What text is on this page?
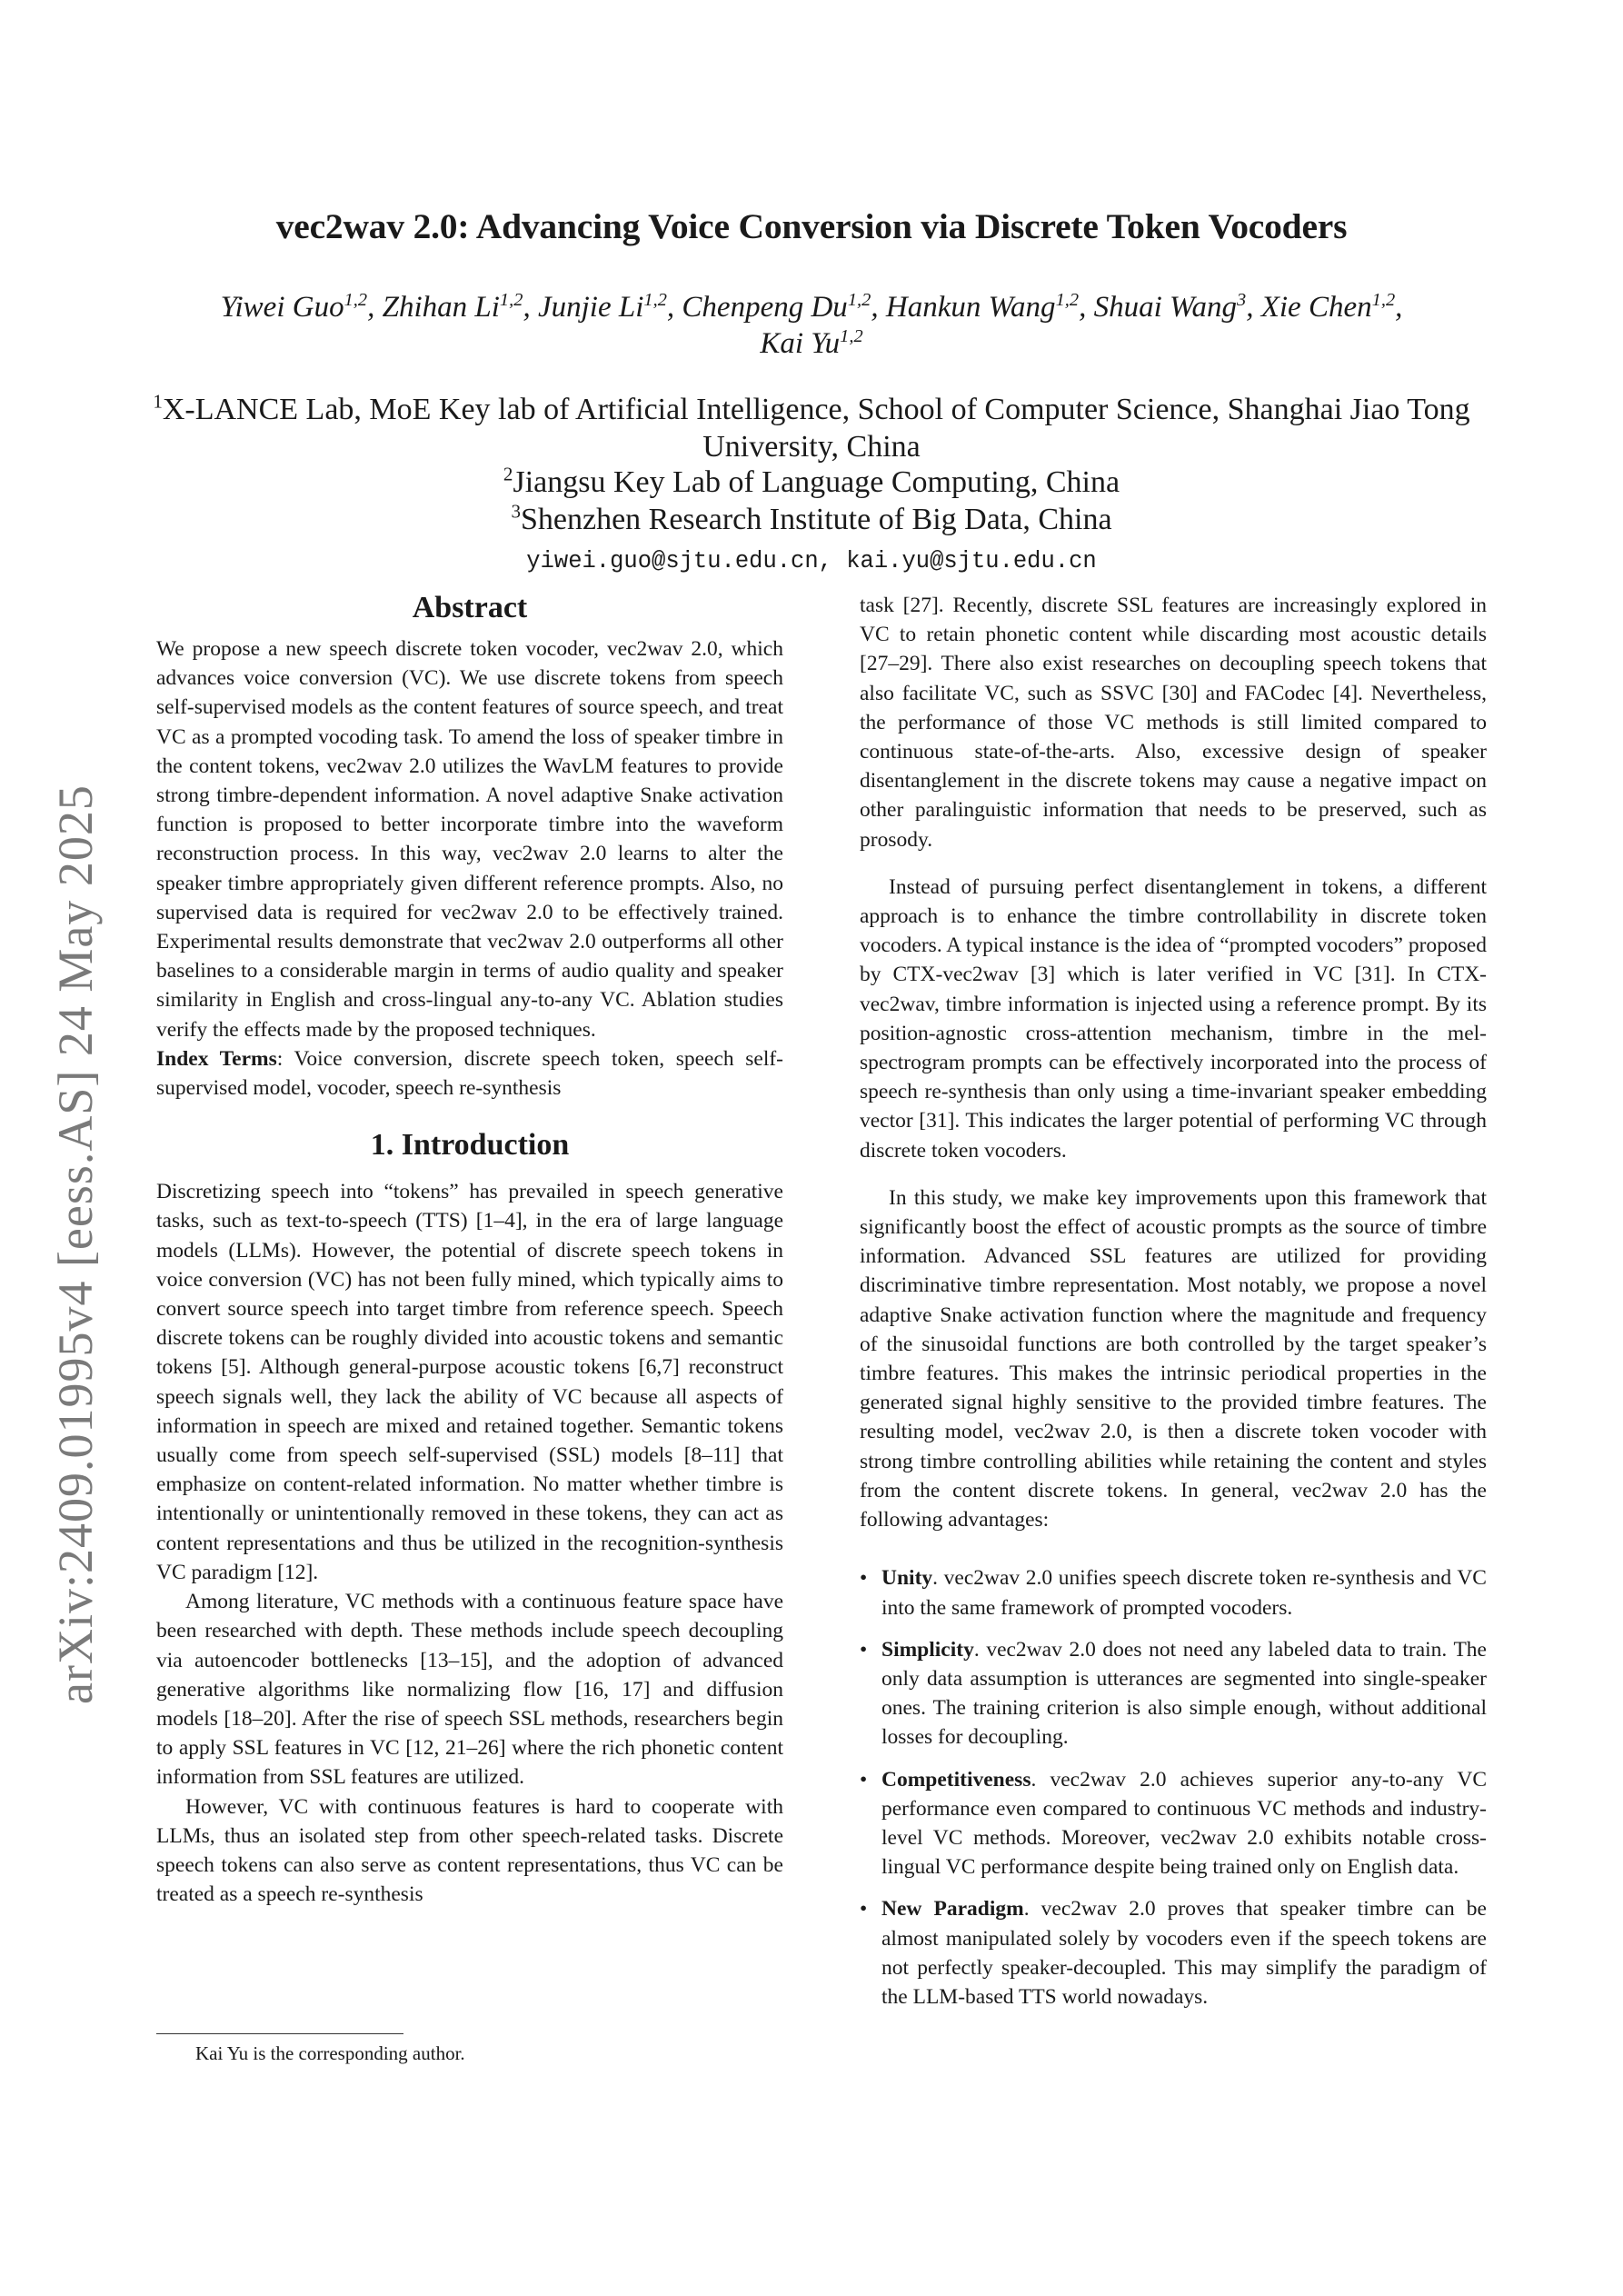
arXiv:2409.01995v4 [eess.AS] 24 May 2025
vec2wav 2.0: Advancing Voice Conversion via Discrete Token Vocoders
Yiwei Guo$^{1,2}$, Zhihan Li$^{1,2}$, Junjie Li$^{1,2}$, Chenpeng Du$^{1,2}$, Hankun Wang$^{1,2}$, Shuai Wang$^3$, Xie Chen$^{1,2}$, Kai Yu$^{1,2}$
$^1$X-LANCE Lab, MoE Key lab of Artificial Intelligence, School of Computer Science, Shanghai Jiao Tong University, China
$^2$Jiangsu Key Lab of Language Computing, China
$^3$Shenzhen Research Institute of Big Data, China
yiwei.guo@sjtu.edu.cn, kai.yu@sjtu.edu.cn
Abstract

We propose a new speech discrete token vocoder, vec2wav 2.0, which advances voice conversion (VC). We use discrete tokens from speech self-supervised models as the content features of source speech, and treat VC as a prompted vocoding task. To amend the loss of speaker timbre in the content tokens, vec2wav 2.0 utilizes the WavLM features to provide strong timbre-dependent information. A novel adaptive Snake activation function is proposed to better incorporate timbre into the waveform reconstruction process. In this way, vec2wav 2.0 learns to alter the speaker timbre appropriately given different reference prompts. Also, no supervised data is required for vec2wav 2.0 to be effectively trained. Experimental results demonstrate that vec2wav 2.0 outperforms all other baselines to a considerable margin in terms of audio quality and speaker similarity in English and cross-lingual any-to-any VC. Ablation studies verify the effects made by the proposed techniques.

Index Terms: Voice conversion, discrete speech token, speech self-supervised model, vocoder, speech re-synthesis

1. Introduction

Discretizing speech into “tokens” has prevailed in speech generative tasks, such as text-to-speech (TTS) [1–4], in the era of large language models (LLMs). However, the potential of discrete speech tokens in voice conversion (VC) has not been fully mined, which typically aims to convert source speech into target timbre from reference speech. Speech discrete tokens can be roughly divided into acoustic tokens and semantic tokens [5]. Although general-purpose acoustic tokens [6,7] reconstruct speech signals well, they lack the ability of VC because all aspects of information in speech are mixed and retained together. Semantic tokens usually come from speech self-supervised (SSL) models [8–11] that emphasize on content-related information. No matter whether timbre is intentionally or unintentionally removed in these tokens, they can act as content representations and thus be utilized in the recognition-synthesis VC paradigm [12].

Among literature, VC methods with a continuous feature space have been researched with depth. These methods include speech decoupling via autoencoder bottlenecks [13–15], and the adoption of advanced generative algorithms like normalizing flow [16, 17] and diffusion models [18–20]. After the rise of speech SSL methods, researchers begin to apply SSL features in VC [12, 21–26] where the rich phonetic content information from SSL features are utilized.

However, VC with continuous features is hard to cooperate with LLMs, thus an isolated step from other speech-related tasks. Discrete speech tokens can also serve as content representations, thus VC can be treated as a speech re-synthesis

task [27]. Recently, discrete SSL features are increasingly explored in VC to retain phonetic content while discarding most acoustic details [27–29]. There also exist researches on decoupling speech tokens that also facilitate VC, such as SSVC [30] and FACodec [4]. Nevertheless, the performance of those VC methods is still limited compared to continuous state-of-the-arts. Also, excessive design of speaker disentanglement in the discrete tokens may cause a negative impact on other paralinguistic information that needs to be preserved, such as prosody.

Instead of pursuing perfect disentanglement in tokens, a different approach is to enhance the timbre controllability in discrete token vocoders. A typical instance is the idea of “prompted vocoders” proposed by CTX-vec2wav [3] which is later verified in VC [31]. In CTX-vec2wav, timbre information is injected using a reference prompt. By its position-agnostic cross-attention mechanism, timbre in the mel-spectrogram prompts can be effectively incorporated into the process of speech re-synthesis than only using a time-invariant speaker embedding vector [31]. This indicates the larger potential of performing VC through discrete token vocoders.

In this study, we make key improvements upon this framework that significantly boost the effect of acoustic prompts as the source of timbre information. Advanced SSL features are utilized for providing discriminative timbre representation. Most notably, we propose a novel adaptive Snake activation function where the magnitude and frequency of the sinusoidal functions are both controlled by the target speaker’s timbre features. This makes the intrinsic periodical properties in the generated signal highly sensitive to the provided timbre features. The resulting model, vec2wav 2.0, is then a discrete token vocoder with strong timbre controlling abilities while retaining the content and styles from the content discrete tokens. In general, vec2wav 2.0 has the following advantages:

• Unity. vec2wav 2.0 unifies speech discrete token re-synthesis and VC into the same framework of prompted vocoders.
• Simplicity. vec2wav 2.0 does not need any labeled data to train. The only data assumption is utterances are segmented into single-speaker ones. The training criterion is also simple enough, without additional losses for decoupling.
• Competitiveness. vec2wav 2.0 achieves superior any-to-any VC performance even compared to continuous VC methods and industry-level VC methods. Moreover, vec2wav 2.0 exhibits notable cross-lingual VC performance despite being trained only on English data.
• New Paradigm. vec2wav 2.0 proves that speaker timbre can be almost manipulated solely by vocoders even if the speech tokens are not perfectly speaker-decoupled. This may simplify the paradigm of the LLM-based TTS world nowadays.
Kai Yu is the corresponding author.
